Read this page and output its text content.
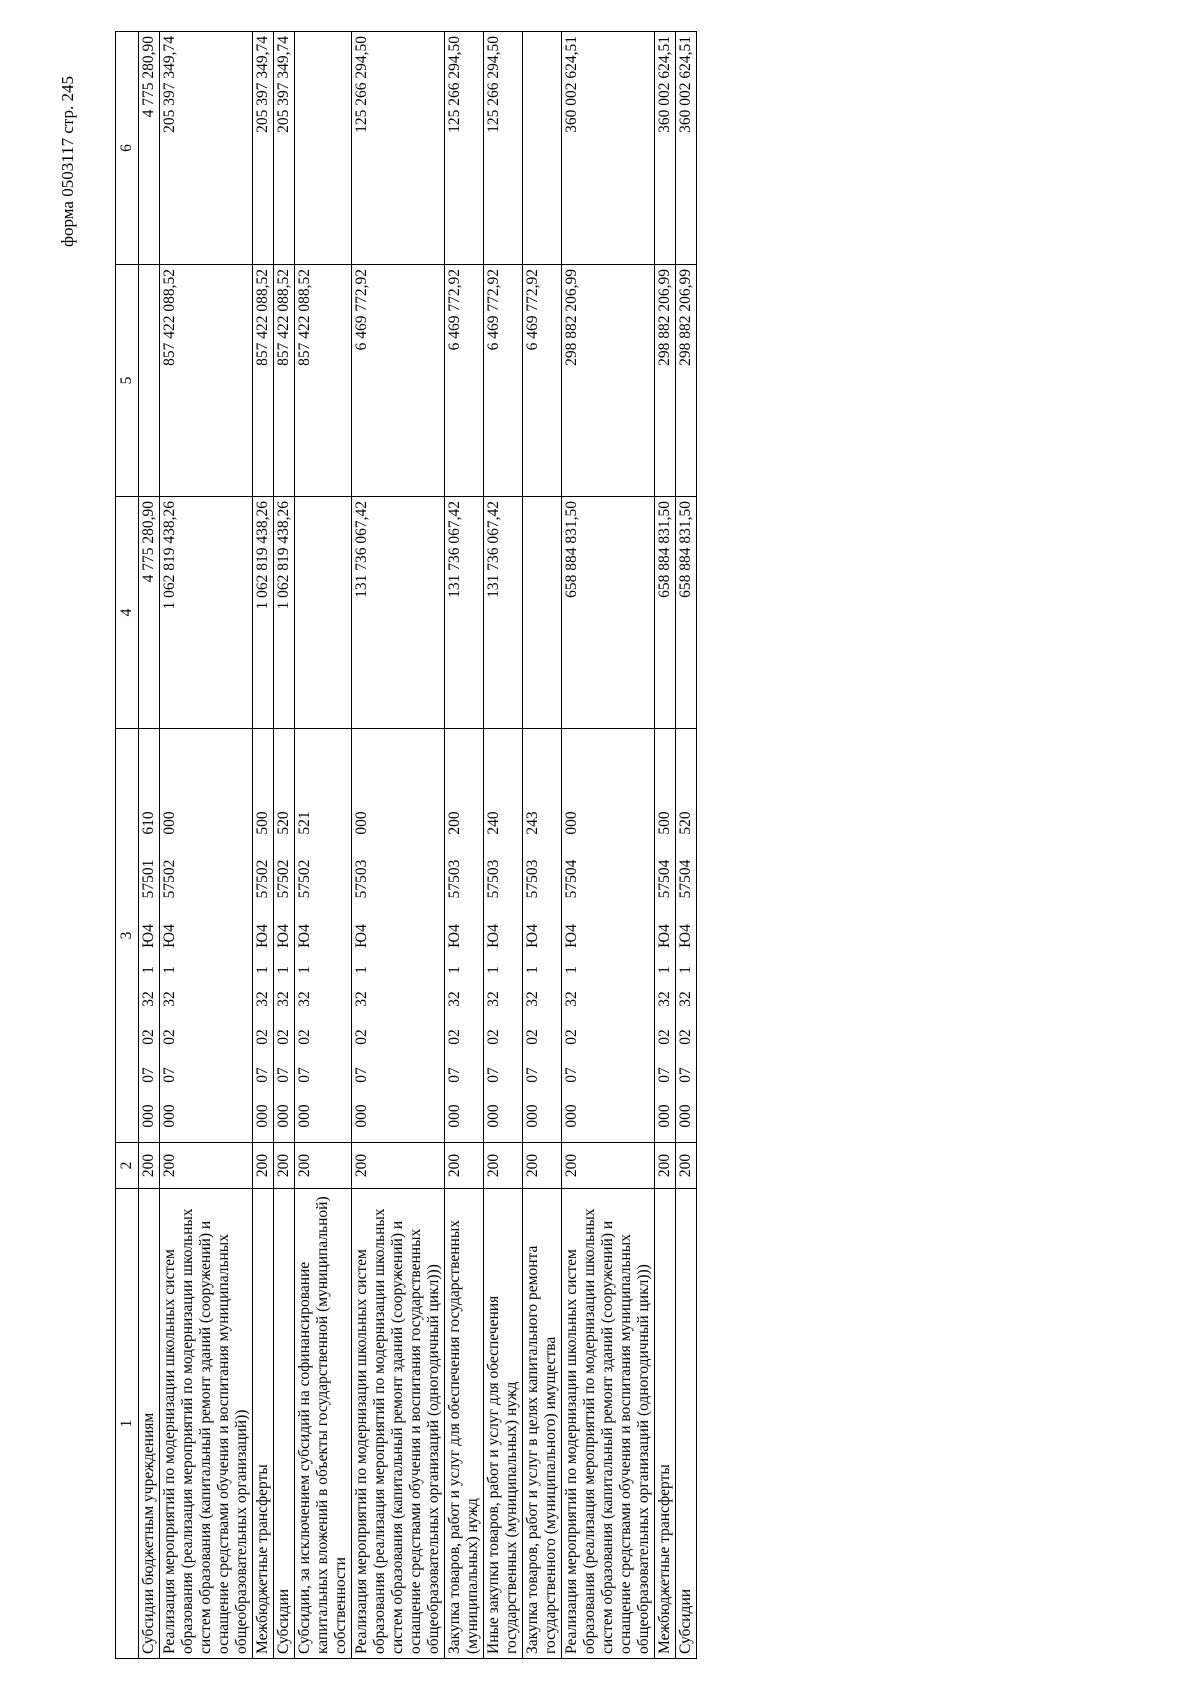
форма 0503117 стр. 245
1	2	3	4	5	6
Субсидии бюджетным учреждениям	200	0000702321Ю457501610	4 775 280,90		4 775 280,90
Реализация мероприятий по модернизации школьных систем образования (реализация мероприятий по модернизации школьных систем образования (капитальный ремонт зданий (сооружений) и оснащение средствами обучения и воспитания муниципальных общеобразовательных организаций))	200	0000702321Ю457502000	1 062 819 438,26	857 422 088,52	205 397 349,74
Межбюджетные трансферты	200	0000702321Ю457502500	1 062 819 438,26	857 422 088,52	205 397 349,74
Субсидии	200	0000702321Ю457502520	1 062 819 438,26	857 422 088,52	205 397 349,74
Субсидии, за исключением субсидий на софинансирование капитальных вложений в объекты государственной (муниципальной) собственности	200	0000702321Ю457502521		857 422 088,52	
Реализация мероприятий по модернизации школьных систем образования (реализация мероприятий по модернизации школьных систем образования (капитальный ремонт зданий (сооружений) и оснащение средствами обучения и воспитания государственных общеобразовательных организаций (одногодичный цикл)))	200	0000702321Ю457503000	131 736 067,42	6 469 772,92	125 266 294,50
Закупка товаров, работ и услуг для обеспечения государственных (муниципальных) нужд	200	0000702321Ю457503200	131 736 067,42	6 469 772,92	125 266 294,50
Иные закупки товаров, работ и услуг для обеспечения государственных (муниципальных) нужд	200	0000702321Ю457503240	131 736 067,42	6 469 772,92	125 266 294,50
Закупка товаров, работ и услуг в целях капитального ремонта государственного (муниципального) имущества	200	0000702321Ю457503243		6 469 772,92	
Реализация мероприятий по модернизации школьных систем образования (реализация мероприятий по модернизации школьных систем образования (капитальный ремонт зданий (сооружений) и оснащение средствами обучения и воспитания муниципальных общеобразовательных организаций (одногодичный цикл)))	200	0000702321Ю457504000	658 884 831,50	298 882 206,99	360 002 624,51
Межбюджетные трансферты	200	0000702321Ю457504500	658 884 831,50	298 882 206,99	360 002 624,51
Субсидии	200	0000702321Ю457504520	658 884 831,50	298 882 206,99	360 002 624,51
